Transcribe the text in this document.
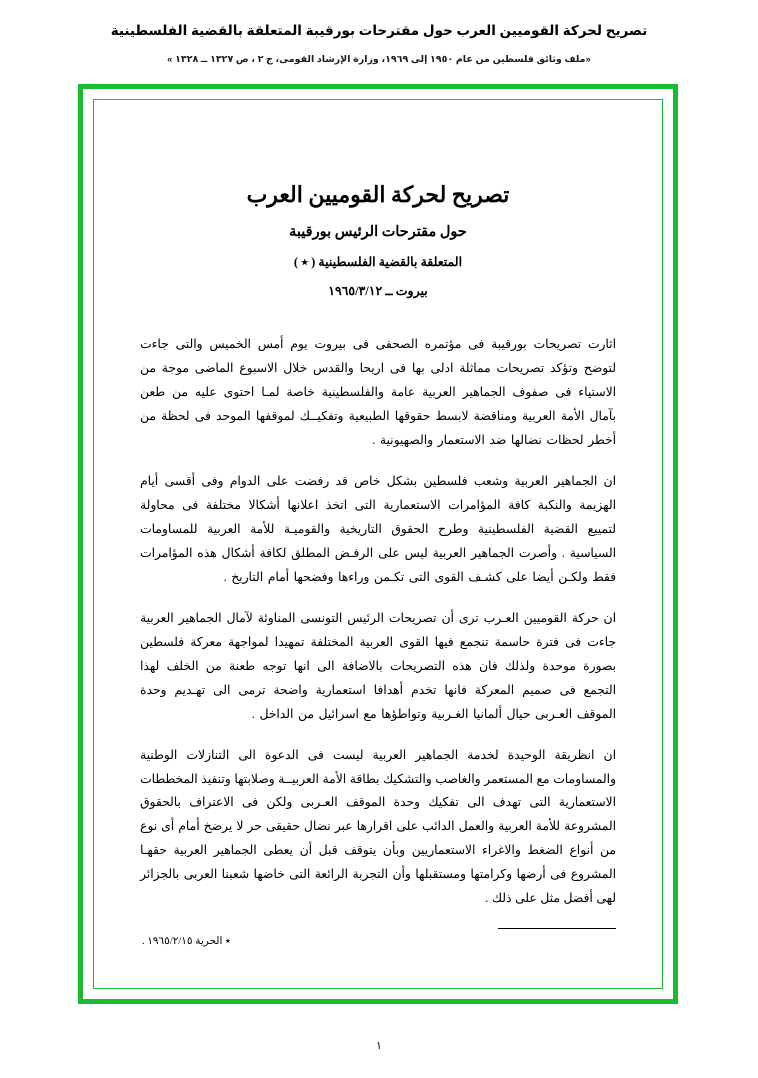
تصريح لحركة القوميين العرب حول مقترحات بورقيبة المتعلقة بالقضية الفلسطينية
«ملف وثائق فلسطين من عام ١٩٥٠ إلى ١٩٦٩، وزارة الإرشاد القومى، ج ٢ ، ص ١٣٢٧ ــ ١٣٢٨ »
تصريح لحركة القوميين العرب
حول مقترحات الرئيس بورقيبة
المتعلقة بالقضية الفلسطينية ( ٭ )
بيروت ــ ١٩٦٥/٣/١٢

اثارت تصريحات بورقيبة فى مؤتمره الصحفى فى بيروت يوم أمس الخميس والتى جاءت لتوضح وتؤكد تصريحات مماثلة ادلى بها فى اريحا والقدس خلال الاسبوع الماضى موجة من الاستياء فى صفوف الجماهير العربية عامة والفلسطينية خاصة لمـا احتوى عليه من طعن بآمال الأمة العربية ومناقضة لابسط حقوقها الطبيعية وتفكيــك لموقفها الموحد فى لحظة من أخطر لحظات نضالها ضد الاستعمار والصهيونية .

ان الجماهير العربية وشعب فلسطين بشكل خاص قد رفضت على الدوام وفى أقسى أيام الهزيمة والنكبة كافة المؤامرات الاستعمارية التى اتخذ اعلانها أشكالا مختلفة فى محاولة لتمييع القضية الفلسطينية وطرح الحقوق التاريخية والقوميـة للأمة العربية للمساومات السياسية . وأصرت الجماهير العربية ليس على الرفـض المطلق لكافة أشكال هذه المؤامرات فقط ولكـن أيضا على كشـف القوى التى تكـمن وراءها وفضحها أمام التاريخ .

ان حركة القوميين العـرب ترى أن تصريحات الرئيس التونسى المناوئة لآمال الجماهير العربية جاءت فى فترة حاسمة تنجمع فيها القوى العربية المختلفة تمهيدا لمواجهة معركة فلسطين بصورة موحدة ولذلك فان هذه التصريحات بالاضافة الى انها توجه طعنة من الخلف لهذا التجمع فى صميم المعركة فانها تخدم أهدافا استعمارية واضحة ترمى الى تهـديم وحدة الموقف العـربى حيال ألمانيا الغـربية وتواطؤها مع اسرائيل من الداخل .

ان انظريقة الوحيدة لخدمة الجماهير العربية ليست فى الدعوة الى التنازلات الوطنية والمساومات مع المستعمر والغاصب والتشكيك بطاقة الأمة العربيــة وصلابتها وتنفيذ المخططات الاستعمارية التى تهدف الى تفكيك وحدة الموقف العـربى ولكن فى الاعتراف بالحقوق المشروعة للأمة العربية والعمل الدائب على اقرارها عبر نضال حقيقى حر لا يرضخ أمام أى نوع من أنواع الضغط والاغراء الاستعماريين وبأن يتوقف قبل أن يعطى الجماهير العربية حقهـا المشروع فى أرضها وكرامتها ومستقبلها وأن التجربة الرائعة التى خاضها شعبنا العربى بالجزائر لهى أفضل مثل على ذلك .

٭ الحرية ١٩٦٥/٢/١٥ .
١
